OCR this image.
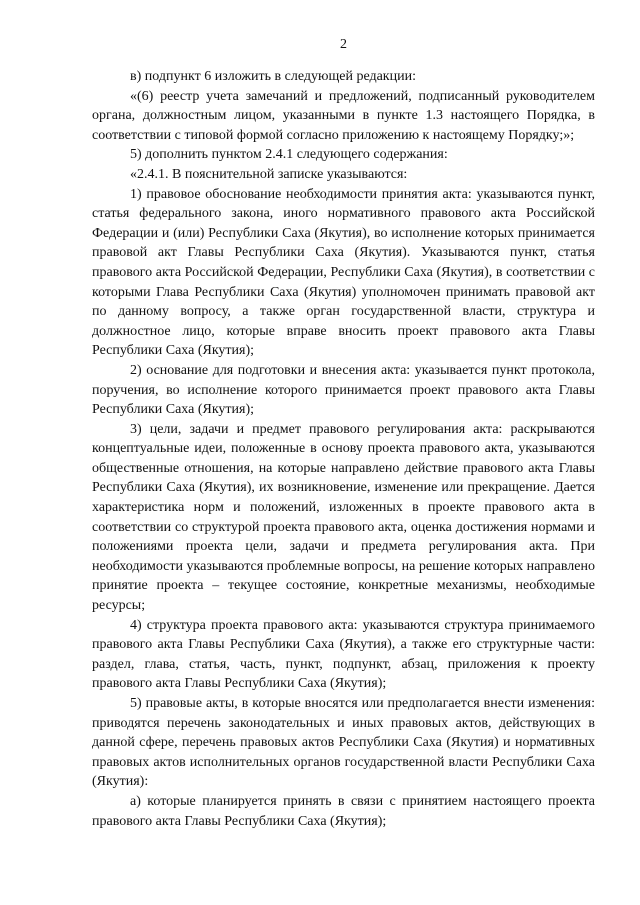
2

в) подпункт 6 изложить в следующей редакции:

«(6) реестр учета замечаний и предложений, подписанный руководителем органа, должностным лицом, указанными в пункте 1.3 настоящего Порядка, в соответствии с типовой формой согласно приложению к настоящему Порядку;»;

5) дополнить пунктом 2.4.1 следующего содержания:

«2.4.1. В пояснительной записке указываются:

1) правовое обоснование необходимости принятия акта: указываются пункт, статья федерального закона, иного нормативного правового акта Российской Федерации и (или) Республики Саха (Якутия), во исполнение которых принимается правовой акт Главы Республики Саха (Якутия). Указываются пункт, статья правового акта Российской Федерации, Республики Саха (Якутия), в соответствии с которыми Глава Республики Саха (Якутия) уполномочен принимать правовой акт по данному вопросу, а также орган государственной власти, структура и должностное лицо, которые вправе вносить проект правового акта Главы Республики Саха (Якутия);

2) основание для подготовки и внесения акта: указывается пункт протокола, поручения, во исполнение которого принимается проект правового акта Главы Республики Саха (Якутия);

3) цели, задачи и предмет правового регулирования акта: раскрываются концептуальные идеи, положенные в основу проекта правового акта, указываются общественные отношения, на которые направлено действие правового акта Главы Республики Саха (Якутия), их возникновение, изменение или прекращение. Дается характеристика норм и положений, изложенных в проекте правового акта в соответствии со структурой проекта правового акта, оценка достижения нормами и положениями проекта цели, задачи и предмета регулирования акта. При необходимости указываются проблемные вопросы, на решение которых направлено принятие проекта – текущее состояние, конкретные механизмы, необходимые ресурсы;

4) структура проекта правового акта: указываются структура принимаемого правового акта Главы Республики Саха (Якутия), а также его структурные части: раздел, глава, статья, часть, пункт, подпункт, абзац, приложения к проекту правового акта Главы Республики Саха (Якутия);

5) правовые акты, в которые вносятся или предполагается внести изменения: приводятся перечень законодательных и иных правовых актов, действующих в данной сфере, перечень правовых актов Республики Саха (Якутия) и нормативных правовых актов исполнительных органов государственной власти Республики Саха (Якутия):

а) которые планируется принять в связи с принятием настоящего проекта правового акта Главы Республики Саха (Якутия);
